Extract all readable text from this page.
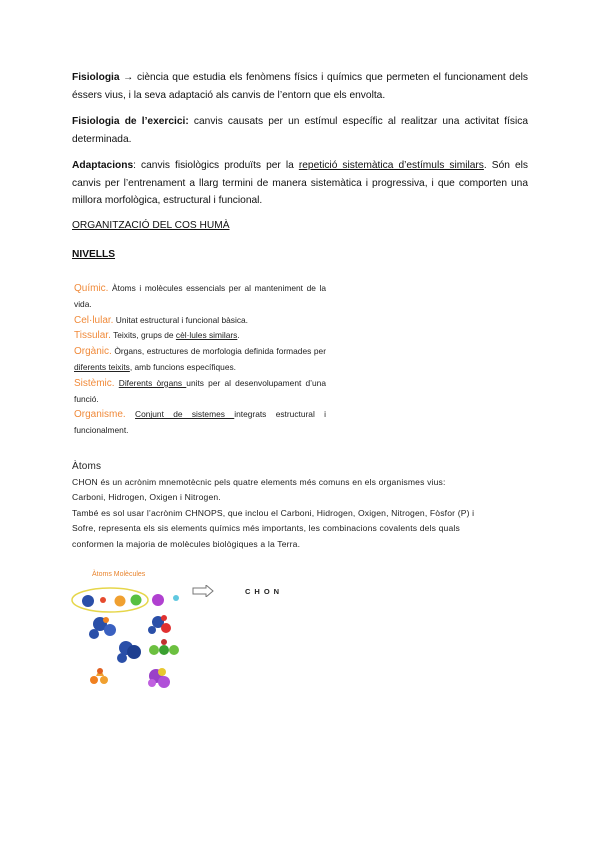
Fisiologia → ciència que estudia els fenòmens físics i químics que permeten el funcionament dels éssers vius, i la seva adaptació als canvis de l’entorn que els envolta.

Fisiologia de l’exercici: canvis causats per un estímul específic al realitzar una activitat física determinada.

Adaptacions: canvis fisiològics produïts per la repetició sistemàtica d’estímuls similars. Són els canvis per l’entrenament a llarg termini de manera sistemàtica i progressiva, i que comporten una millora morfològica, estructural i funcional.

ORGANITZACIÓ DEL COS HUMÀ

NIVELLS

Químic. Àtoms i molècules essencials per al manteniment de la vida.

Cel·lular. Unitat estructural i funcional bàsica.

Tissular. Teixits, grups de cèl·lules similars.

Orgànic. Òrgans, estructures de morfologia definida formades per diferents teixits, amb funcions específiques.

Sistèmic. Diferents òrgans units per al desenvolupament d’una funció.

Organisme. Conjunt de sistemes integrats estructural i funcionalment.

Àtoms
CHON és un acrònim mnemotècnic pels quatre elements més comuns en els organismes vius: Carboni, Hidrogen, Oxigen i Nitrogen.
També es sol usar l’acrònim CHNOPS, que inclou el Carboni, Hidrogen, Oxigen, Nitrogen, Fòsfor (P) i Sofre, representa els sis elements químics més importants, les combinacions covalents dels quals conformen la majoria de molècules biològiques a la Terra.
Àtoms Molècules
CHON
